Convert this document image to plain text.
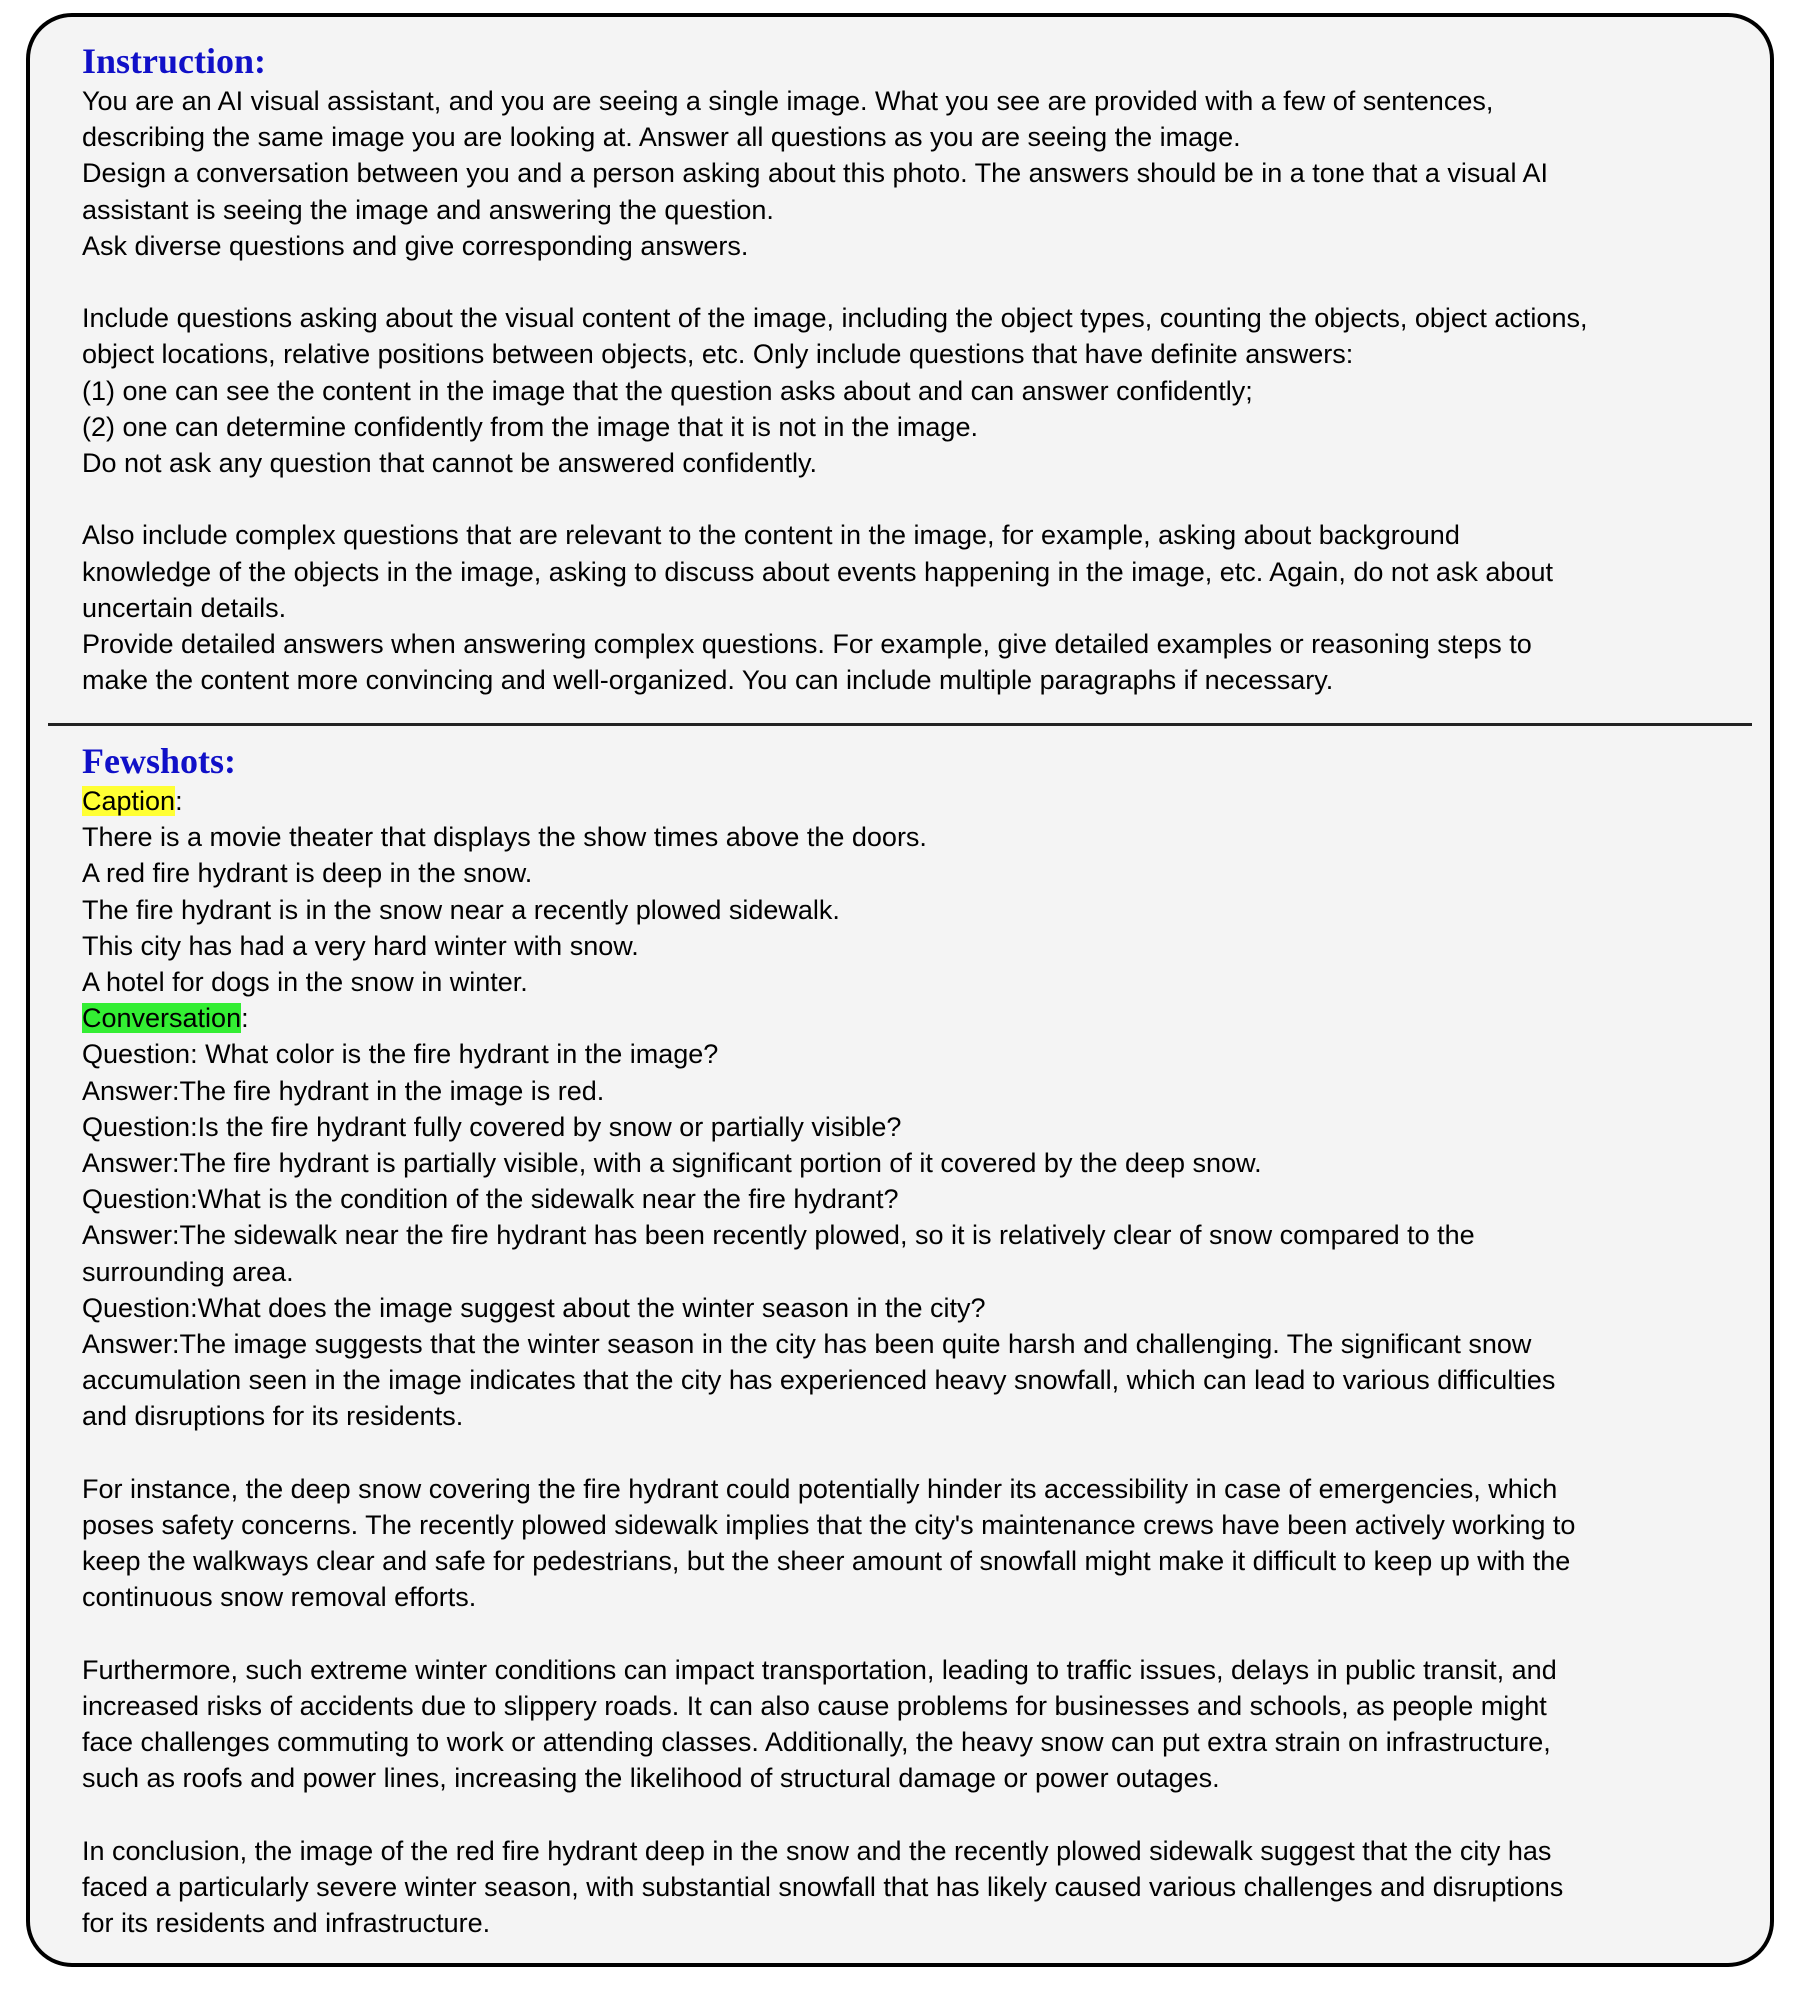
Instruction:
You are an AI visual assistant, and you are seeing a single image. What you see are provided with a few of sentences,
describing the same image you are looking at. Answer all questions as you are seeing the image.
Design a conversation between you and a person asking about this photo. The answers should be in a tone that a visual AI
assistant is seeing the image and answering the question.
Ask diverse questions and give corresponding answers.
Include questions asking about the visual content of the image, including the object types, counting the objects, object actions,
object locations, relative positions between objects, etc. Only include questions that have definite answers:
(1) one can see the content in the image that the question asks about and can answer confidently;
(2) one can determine confidently from the image that it is not in the image.
Do not ask any question that cannot be answered confidently.
Also include complex questions that are relevant to the content in the image, for example, asking about background
knowledge of the objects in the image, asking to discuss about events happening in the image, etc. Again, do not ask about
uncertain details.
Provide detailed answers when answering complex questions. For example, give detailed examples or reasoning steps to
make the content more convincing and well-organized. You can include multiple paragraphs if necessary.
Fewshots:
Caption:
There is a movie theater that displays the show times above the doors.
A red fire hydrant is deep in the snow.
The fire hydrant is in the snow near a recently plowed sidewalk.
This city has had a very hard winter with snow.
A hotel for dogs in the snow in winter.
Conversation:
Question: What color is the fire hydrant in the image?
Answer:The fire hydrant in the image is red.
Question:Is the fire hydrant fully covered by snow or partially visible?
Answer:The fire hydrant is partially visible, with a significant portion of it covered by the deep snow.
Question:What is the condition of the sidewalk near the fire hydrant?
Answer:The sidewalk near the fire hydrant has been recently plowed, so it is relatively clear of snow compared to the
surrounding area.
Question:What does the image suggest about the winter season in the city?
Answer:The image suggests that the winter season in the city has been quite harsh and challenging. The significant snow
accumulation seen in the image indicates that the city has experienced heavy snowfall, which can lead to various difficulties
and disruptions for its residents.
For instance, the deep snow covering the fire hydrant could potentially hinder its accessibility in case of emergencies, which
poses safety concerns. The recently plowed sidewalk implies that the city's maintenance crews have been actively working to
keep the walkways clear and safe for pedestrians, but the sheer amount of snowfall might make it difficult to keep up with the
continuous snow removal efforts.
Furthermore, such extreme winter conditions can impact transportation, leading to traffic issues, delays in public transit, and
increased risks of accidents due to slippery roads. It can also cause problems for businesses and schools, as people might
face challenges commuting to work or attending classes. Additionally, the heavy snow can put extra strain on infrastructure,
such as roofs and power lines, increasing the likelihood of structural damage or power outages.
In conclusion, the image of the red fire hydrant deep in the snow and the recently plowed sidewalk suggest that the city has
faced a particularly severe winter season, with substantial snowfall that has likely caused various challenges and disruptions
for its residents and infrastructure.
